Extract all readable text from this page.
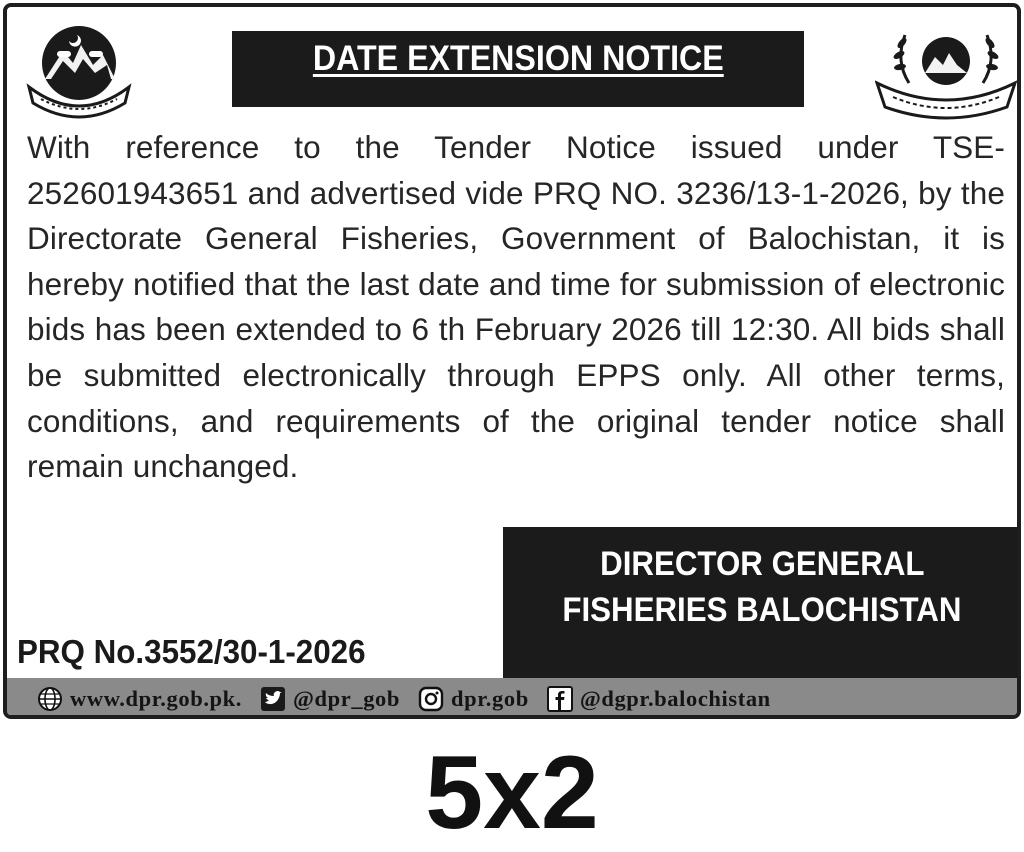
DATE EXTENSION NOTICE
With reference to the Tender Notice issued under TSE-252601943651 and advertised vide PRQ NO. 3236/13-1-2026, by the Directorate General Fisheries, Government of Balochistan, it is hereby notified that the last date and time for submission of electronic bids has been extended to 6 th February 2026 till 12:30. All bids shall be submitted electronically through EPPS only. All other terms, conditions, and requirements of the original tender notice shall remain unchanged.
PRQ No.3552/30-1-2026
DIRECTOR GENERAL
FISHERIES BALOCHISTAN
www.dpr.gob.pk. @dpr_gob dpr.gob @dgpr.balochistan
5x2
